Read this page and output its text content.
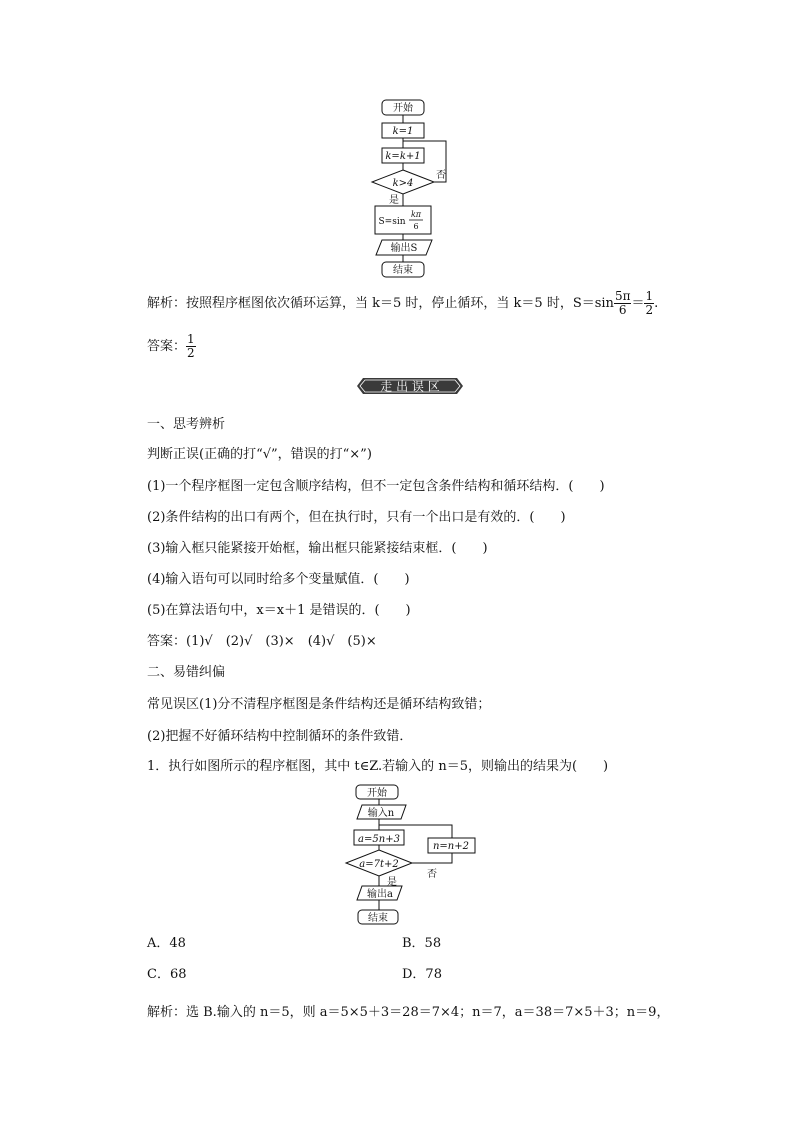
开始
k=1
k=k+1
k>4
否
是
S=sin
kπ
6
输出S
结束
解析：按照程序框图依次循环运算，当 k＝5 时，停止循环，当 k＝5 时，$S=\sin \frac{5\pi}{6} = \frac{1}{2}$ .
答案： $\frac{1}{2}$
走 出 误 区
一、思考辨析
判断正误(正确的打“√”，错误的打“×”)
(1)一个程序框图一定包含顺序结构，但不一定包含条件结构和循环结构．(　　)
(2)条件结构的出口有两个，但在执行时，只有一个出口是有效的．(　　)
(3)输入框只能紧接开始框，输出框只能紧接结束框．(　　)
(4)输入语句可以同时给多个变量赋值．(　　)
(5)在算法语句中，x＝x＋1 是错误的．(　　)
答案：(1)√　(2)√　(3)×　(4)√　(5)×
二、易错纠偏
常见误区(1)分不清程序框图是条件结构还是循环结构致错；
(2)把握不好循环结构中控制循环的条件致错．
1．执行如图所示的程序框图，其中 t∈Z.若输入的 n＝5，则输出的结果为(　　)
开始
输入n
a=5n+3
a=7t+2
n=n+2
否
是
输出a
结束
A．48	B．58
C．68	D．78
解析：选 B.输入的 n＝5，则 a＝5×5＋3＝28＝7×4；n＝7，a＝38＝7×5＋3；n＝9，
